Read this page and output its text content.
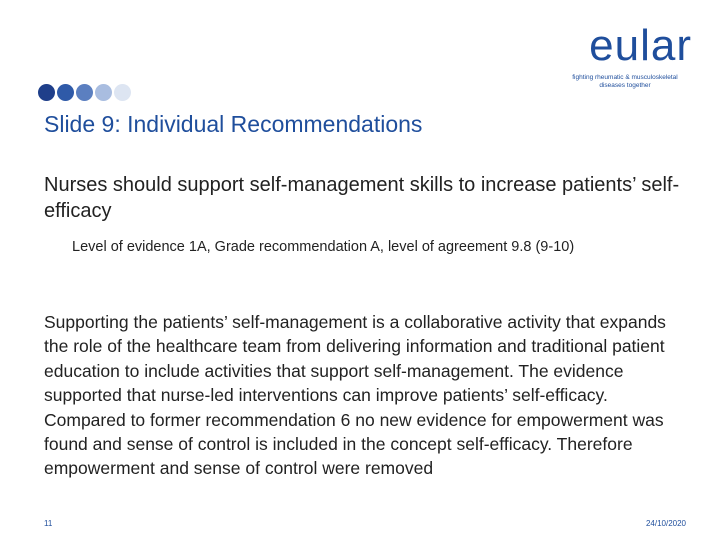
eular
fighting rheumatic & musculoskeletal
diseases together
Slide 9: Individual Recommendations
Nurses should support self-management skills to increase patients’ self-efficacy
Level of evidence 1A, Grade recommendation A, level of agreement 9.8 (9-10)
Supporting the patients’ self-management is a collaborative activity that expands the role of the healthcare team from delivering information and traditional patient education to include activities that support self-management. The evidence supported that nurse-led interventions can improve patients’ self-efficacy. Compared to former recommendation 6 no new evidence for empowerment was found and sense of control is included in the concept self-efficacy. Therefore empowerment and sense of control were removed
11	24/10/2020
